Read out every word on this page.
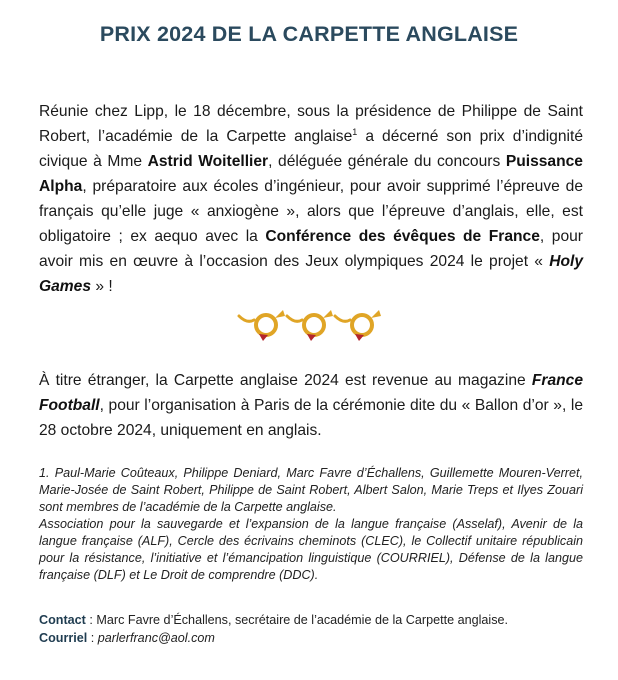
PRIX 2024 DE LA CARPETTE ANGLAISE
Réunie chez Lipp, le 18 décembre, sous la présidence de Philippe de Saint Robert, l’académie de la Carpette anglaise$^1$ a décerné son prix d’indignité civique à Mme Astrid Woitellier, déléguée générale du concours Puissance Alpha, préparatoire aux écoles d’ingénieur, pour avoir supprimé l’épreuve de français qu’elle juge « anxiogène », alors que l’épreuve d’anglais, elle, est obligatoire ; ex aequo avec la Conférence des évêques de France, pour avoir mis en œuvre à l’occasion des Jeux olympiques 2024 le projet « Holy Games » !
À titre étranger, la Carpette anglaise 2024 est revenue au magazine France Football, pour l’organisation à Paris de la cérémonie dite du « Ballon d’or », le 28 octobre 2024, uniquement en anglais.

1. Paul-Marie Coûteaux, Philippe Deniard, Marc Favre d’Échallens, Guillemette Mouren-Verret, Marie-Josée de Saint Robert, Philippe de Saint Robert, Albert Salon, Marie Treps et Ilyes Zouari sont membres de l’académie de la Carpette anglaise.

Association pour la sauvegarde et l’expansion de la langue française (Asselaf), Avenir de la langue française (ALF), Cercle des écrivains cheminots (CLEC), le Collectif unitaire républicain pour la résistance, l’initiative et l’émancipation linguistique (COURRIEL), Défense de la langue française (DLF) et Le Droit de comprendre (DDC).

Contact : Marc Favre d’Échallens, secrétaire de l’académie de la Carpette anglaise.

Courriel : parlerfranc@aol.com
